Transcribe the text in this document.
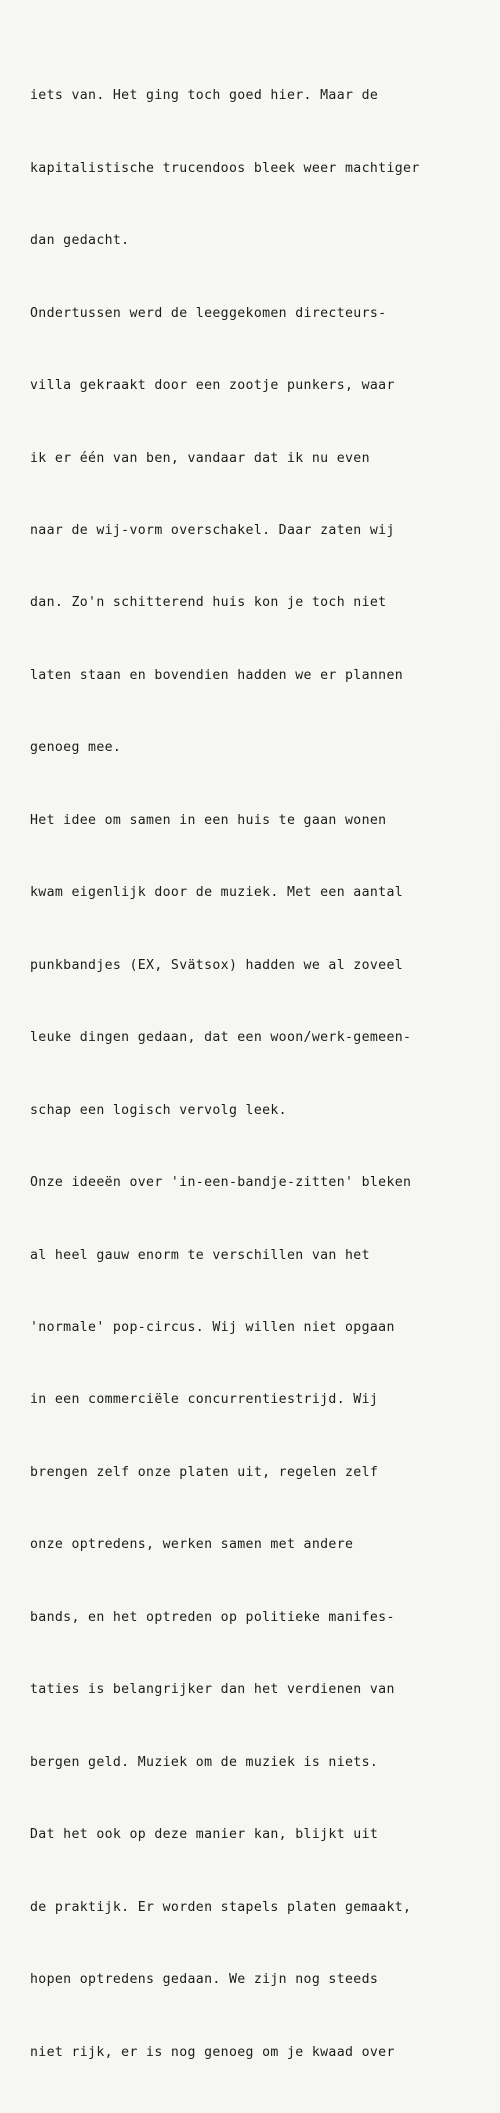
iets van. Het ging toch goed hier. Maar de

kapitalistische trucendoos bleek weer machtiger

dan gedacht.

Ondertussen werd de leeggekomen directeurs-

villa gekraakt door een zootje punkers, waar

ik er één van ben, vandaar dat ik nu even

naar de wij-vorm overschakel. Daar zaten wij

dan. Zo'n schitterend huis kon je toch niet

laten staan en bovendien hadden we er plannen

genoeg mee.

Het idee om samen in een huis te gaan wonen

kwam eigenlijk door de muziek. Met een aantal

punkbandjes (EX, Svätsox) hadden we al zoveel

leuke dingen gedaan, dat een woon/werk-gemeen-

schap een logisch vervolg leek.

Onze ideeën over 'in-een-bandje-zitten' bleken

al heel gauw enorm te verschillen van het

'normale' pop-circus. Wij willen niet opgaan

in een commerciële concurrentiestrijd. Wij

brengen zelf onze platen uit, regelen zelf

onze optredens, werken samen met andere

bands, en het optreden op politieke manifes-

taties is belangrijker dan het verdienen van

bergen geld. Muziek om de muziek is niets.

Dat het ook op deze manier kan, blijkt uit

de praktijk. Er worden stapels platen gemaakt,

hopen optredens gedaan. We zijn nog steeds

niet rijk, er is nog genoeg om je kwaad over
